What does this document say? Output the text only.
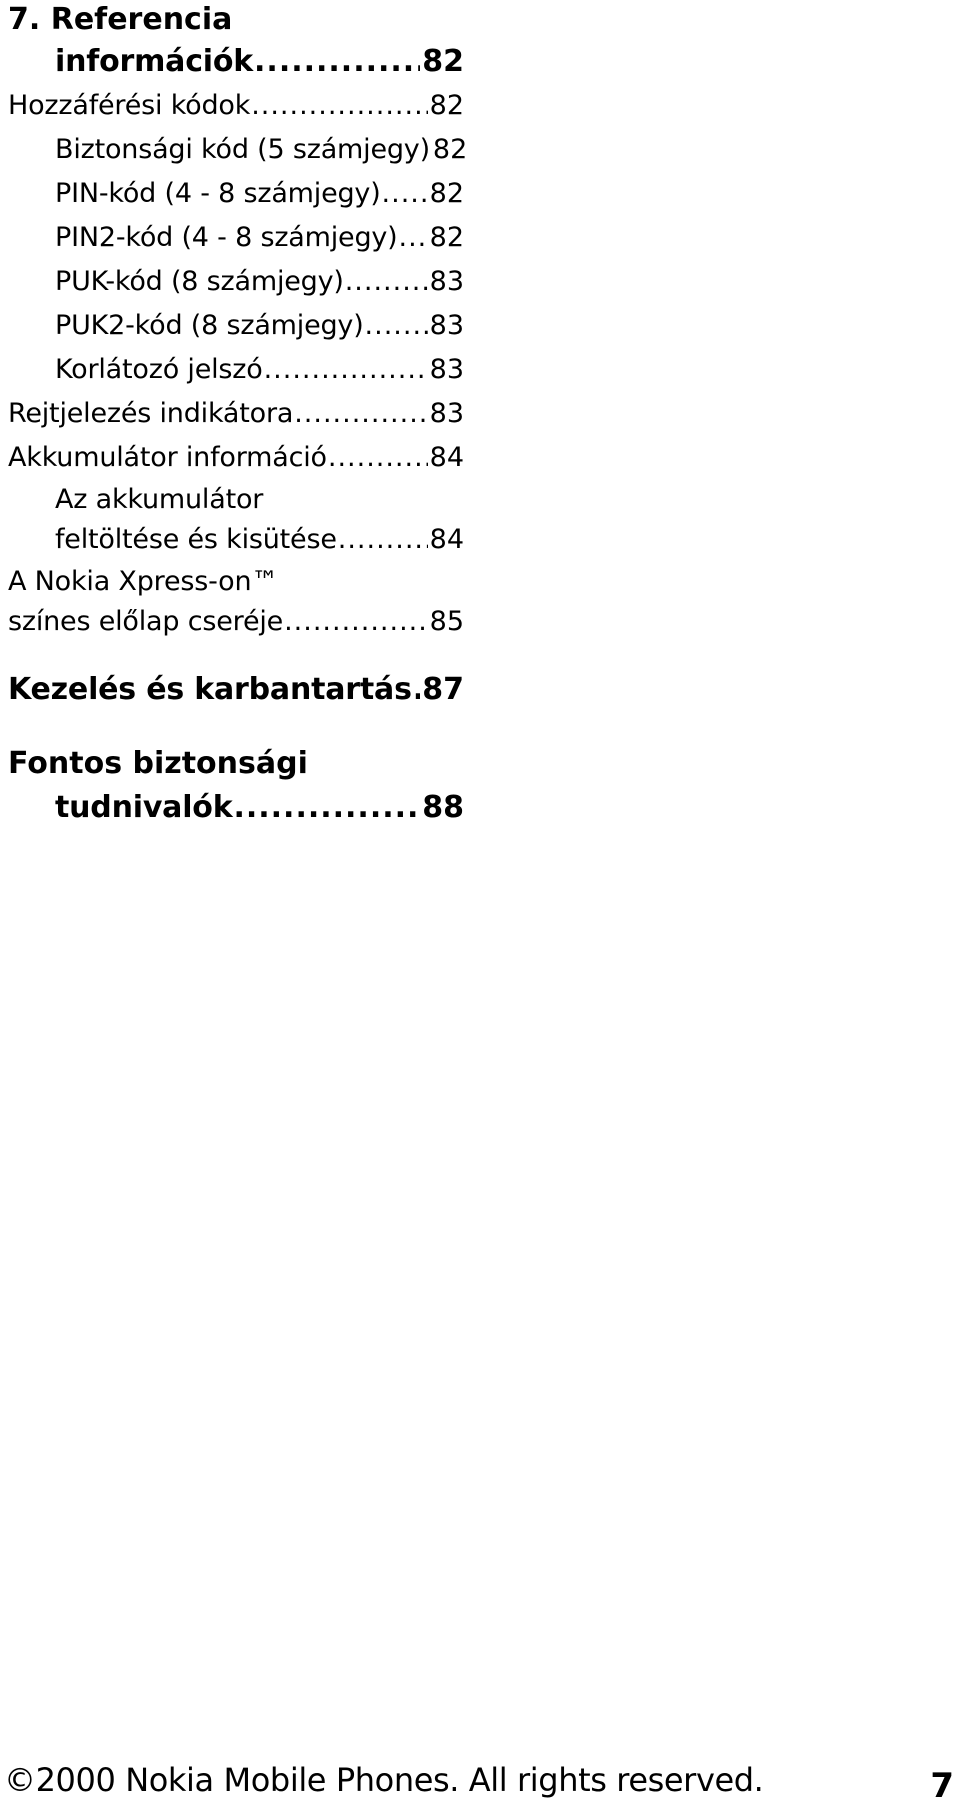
7. Referencia
információk .....	82
Hozzáférési kódok .....	82
Biztonsági kód (5 számjegy) 82
PIN-kód (4 - 8 számjegy) ..... 82
PIN2-kód (4 - 8 számjegy) ..... 82
PUK-kód (8 számjegy) .....	83
PUK2-kód (8 számjegy) ..... 83
Korlátozó jelszó .....	83
Rejtjelezés indikátora .....	83
Akkumulátor információ .....	84
Az akkumulátor
feltöltése és kisütése .....	84
A Nokia Xpress-on™
színes előlap cseréje .....	85
Kezelés és karbantartás ..... 87
Fontos biztonsági
tudnivalók .....	88
©2000 Nokia Mobile Phones. All rights reserved.	7
